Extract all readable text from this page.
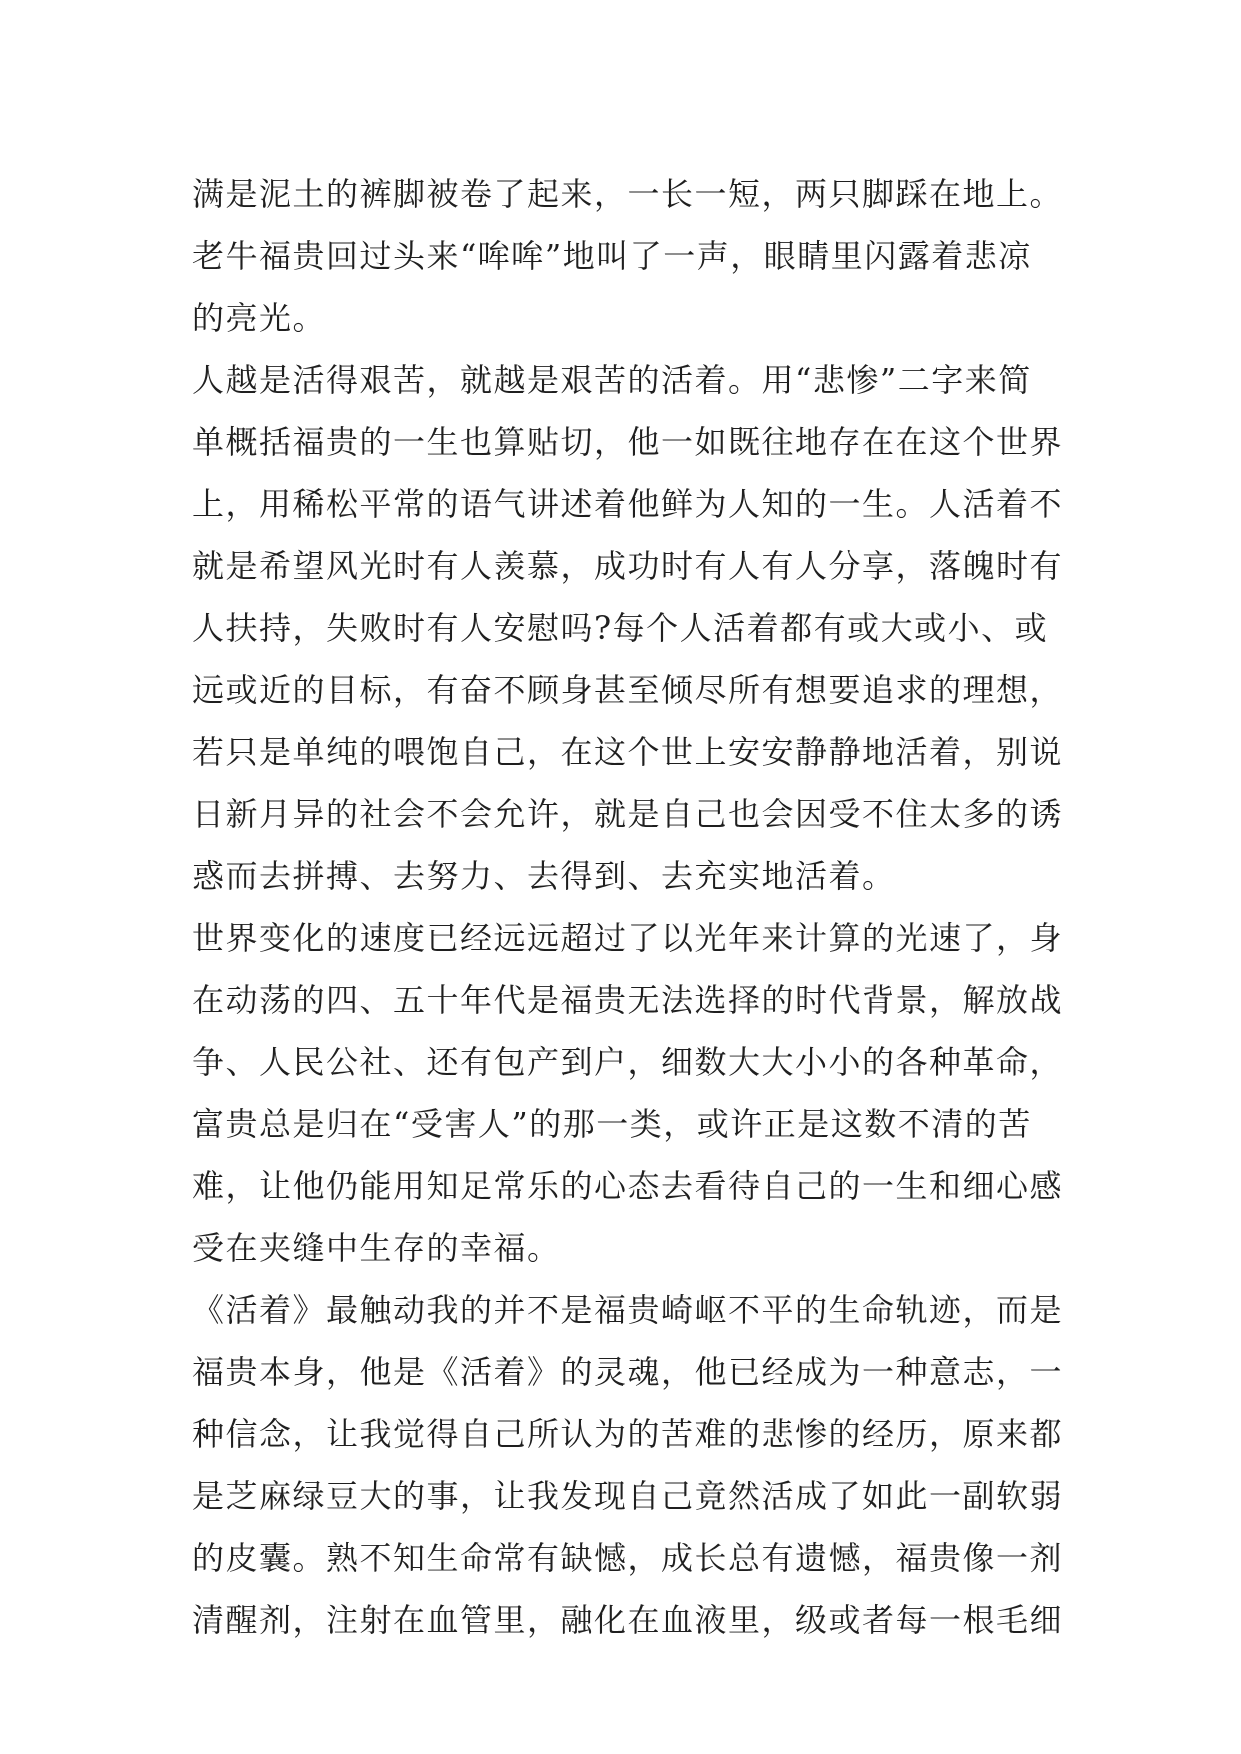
满是泥土的裤脚被卷了起来，一长一短，两只脚踩在地上。
老牛福贵回过头来“哞哞”地叫了一声，眼睛里闪露着悲凉
的亮光。
人越是活得艰苦，就越是艰苦的活着。用“悲惨”二字来简
单概括福贵的一生也算贴切，他一如既往地存在在这个世界
上，用稀松平常的语气讲述着他鲜为人知的一生。人活着不
就是希望风光时有人羡慕，成功时有人有人分享，落魄时有
人扶持，失败时有人安慰吗?每个人活着都有或大或小、或
远或近的目标，有奋不顾身甚至倾尽所有想要追求的理想，
若只是单纯的喂饱自己，在这个世上安安静静地活着，别说
日新月异的社会不会允许，就是自己也会因受不住太多的诱
惑而去拼搏、去努力、去得到、去充实地活着。
世界变化的速度已经远远超过了以光年来计算的光速了，身
在动荡的四、五十年代是福贵无法选择的时代背景，解放战
争、人民公社、还有包产到户，细数大大小小的各种革命，
富贵总是归在“受害人”的那一类，或许正是这数不清的苦
难，让他仍能用知足常乐的心态去看待自己的一生和细心感
受在夹缝中生存的幸福。
《活着》最触动我的并不是福贵崎岖不平的生命轨迹，而是
福贵本身，他是《活着》的灵魂，他已经成为一种意志，一
种信念，让我觉得自己所认为的苦难的悲惨的经历，原来都
是芝麻绿豆大的事，让我发现自己竟然活成了如此一副软弱
的皮囊。熟不知生命常有缺憾，成长总有遗憾，福贵像一剂
清醒剂，注射在血管里，融化在血液里，级或者每一根毛细
